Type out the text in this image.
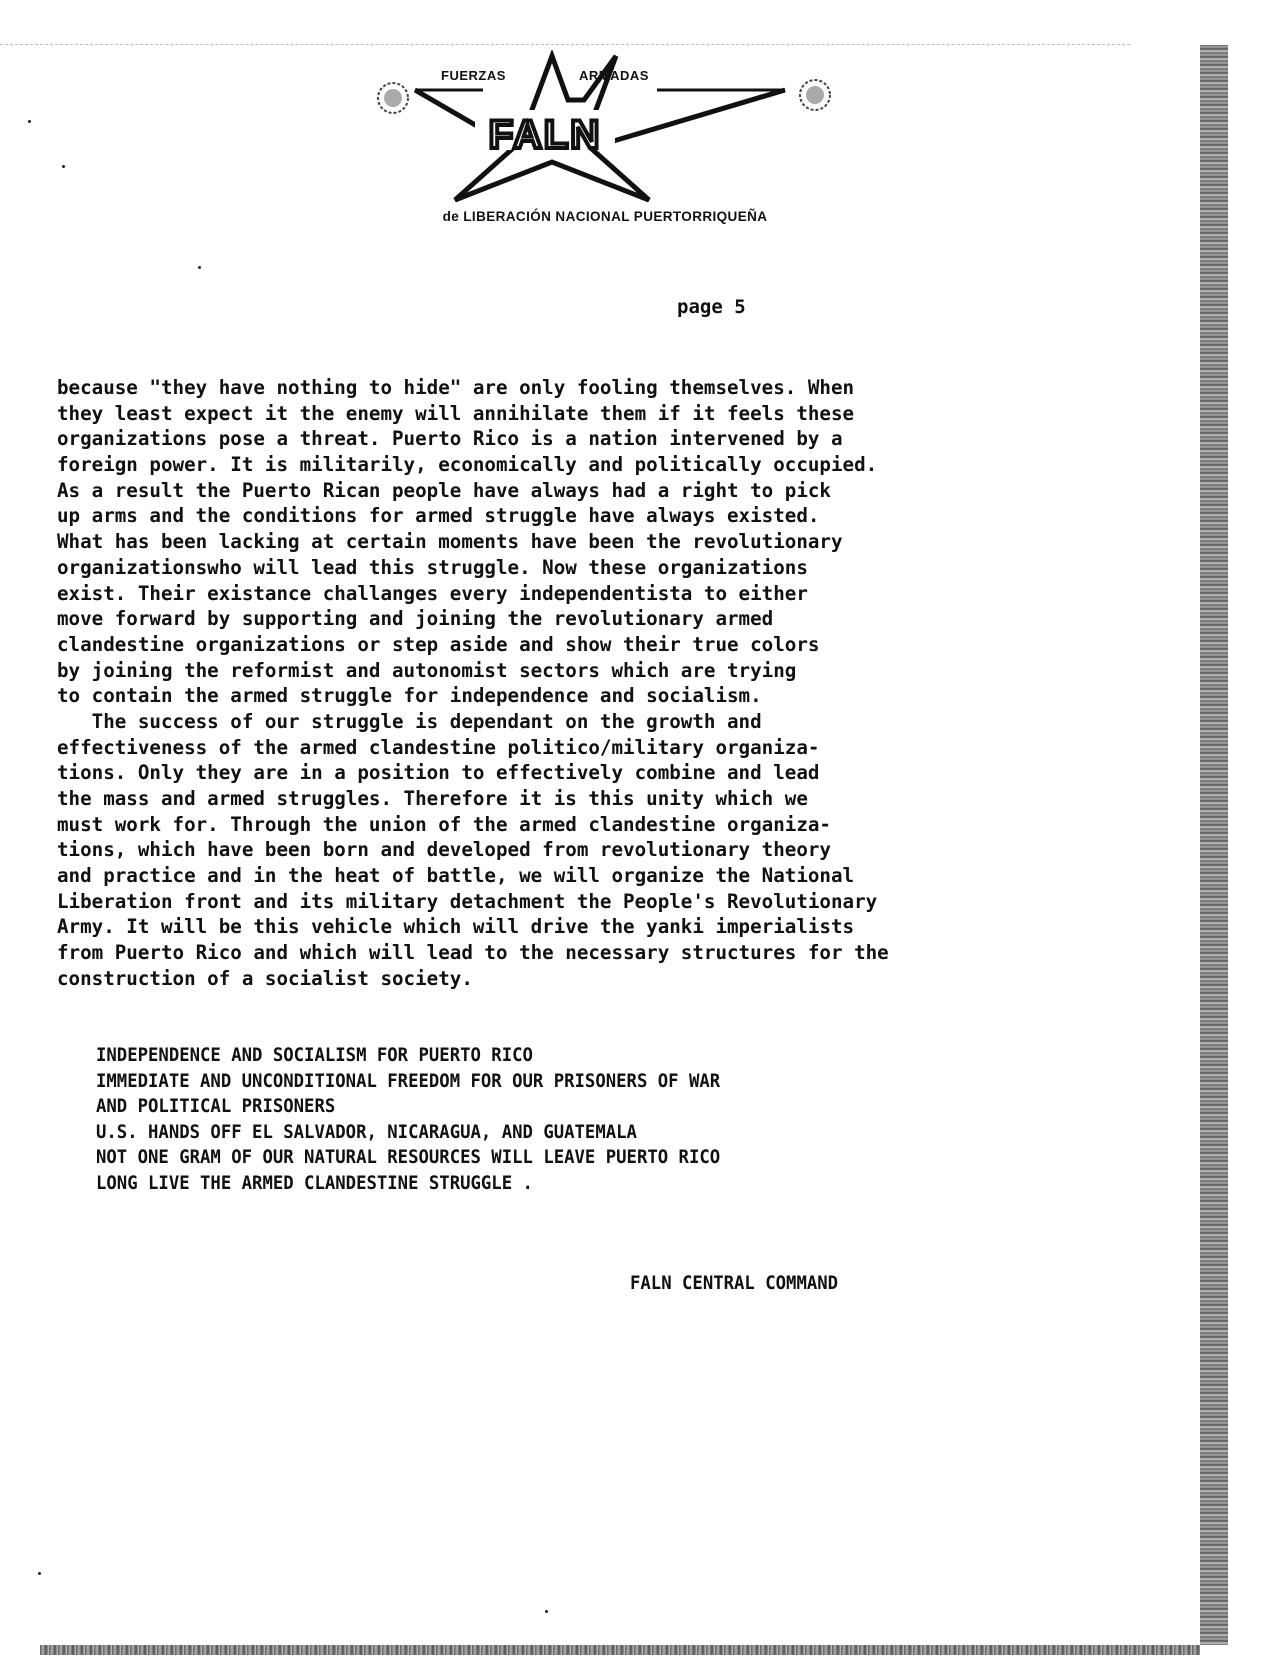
FALN
FUERZAS	ARMADAS
de LIBERACIÓN NACIONAL PUERTORRIQUEÑA
page 5
because "they have nothing to hide" are only fooling themselves. When
they least expect it the enemy will annihilate them if it feels these
organizations pose a threat. Puerto Rico is a nation intervened by a
foreign power. It is militarily, economically and politically occupied.
As a result the Puerto Rican people have always had a right to pick
up arms and the conditions for armed struggle have always existed.
What has been lacking at certain moments have been the revolutionary
organizationswho will lead this struggle. Now these organizations
exist. Their existance challanges every independentista to either
move forward by supporting and joining the revolutionary armed
clandestine organizations or step aside and show their true colors
by joining the reformist and autonomist sectors which are trying
to contain the armed struggle for independence and socialism.
The success of our struggle is dependant on the growth and
effectiveness of the armed clandestine politico/military organiza-
tions. Only they are in a position to effectively combine and lead
the mass and armed struggles. Therefore it is this unity which we
must work for. Through the union of the armed clandestine organiza-
tions, which have been born and developed from revolutionary theory
and practice and in the heat of battle, we will organize the National
Liberation front and its military detachment the People's Revolutionary
Army. It will be this vehicle which will drive the yanki imperialists
from Puerto Rico and which will lead to the necessary structures for the
construction of a socialist society.
INDEPENDENCE AND SOCIALISM FOR PUERTO RICO
IMMEDIATE AND UNCONDITIONAL FREEDOM FOR OUR PRISONERS OF WAR
AND POLITICAL PRISONERS
U.S. HANDS OFF EL SALVADOR, NICARAGUA, AND GUATEMALA
NOT ONE GRAM OF OUR NATURAL RESOURCES WILL LEAVE PUERTO RICO
LONG LIVE THE ARMED CLANDESTINE STRUGGLE .
FALN CENTRAL COMMAND
